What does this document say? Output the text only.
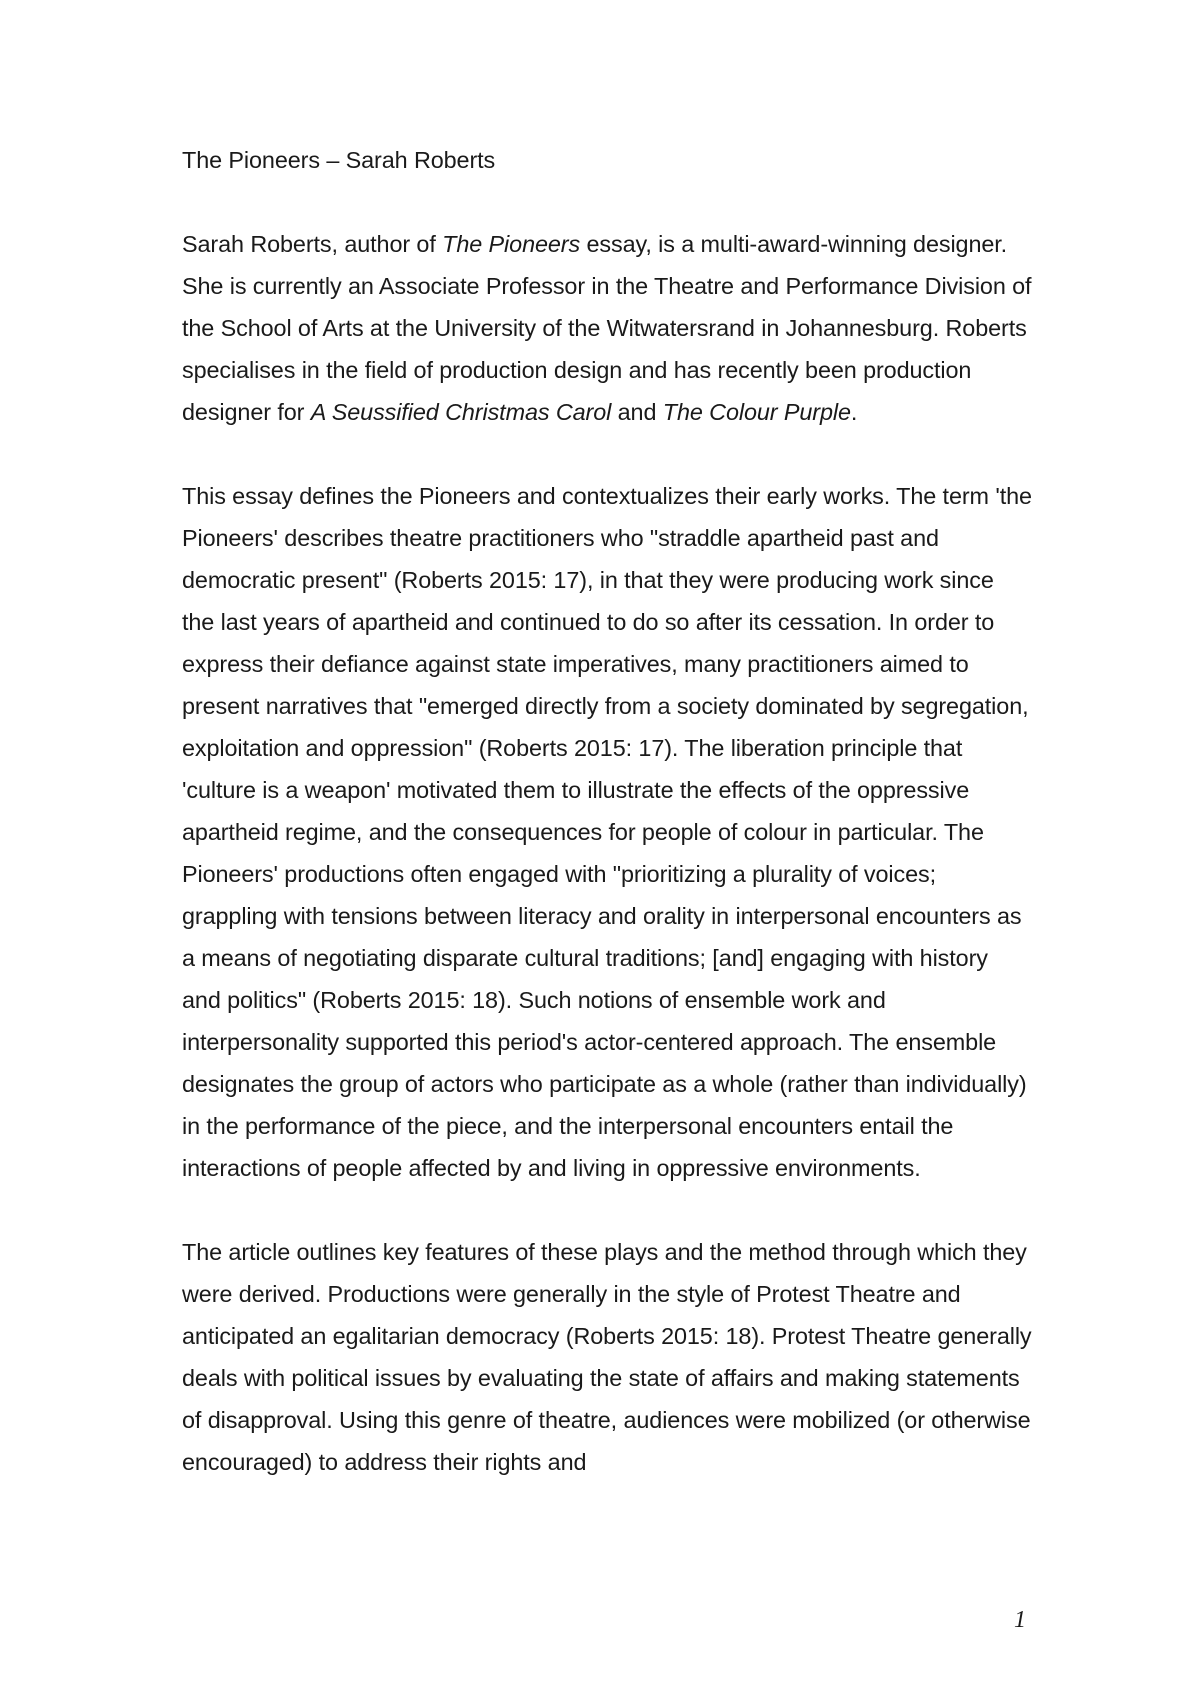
The Pioneers – Sarah Roberts

Sarah Roberts, author of The Pioneers essay, is a multi-award-winning designer. She is currently an Associate Professor in the Theatre and Performance Division of the School of Arts at the University of the Witwatersrand in Johannesburg. Roberts specialises in the field of production design and has recently been production designer for A Seussified Christmas Carol and The Colour Purple.

This essay defines the Pioneers and contextualizes their early works. The term 'the Pioneers' describes theatre practitioners who "straddle apartheid past and democratic present" (Roberts 2015: 17), in that they were producing work since the last years of apartheid and continued to do so after its cessation. In order to express their defiance against state imperatives, many practitioners aimed to present narratives that "emerged directly from a society dominated by segregation, exploitation and oppression" (Roberts 2015: 17). The liberation principle that 'culture is a weapon' motivated them to illustrate the effects of the oppressive apartheid regime, and the consequences for people of colour in particular. The Pioneers' productions often engaged with "prioritizing a plurality of voices; grappling with tensions between literacy and orality in interpersonal encounters as a means of negotiating disparate cultural traditions; [and] engaging with history and politics" (Roberts 2015: 18). Such notions of ensemble work and interpersonality supported this period's actor-centered approach. The ensemble designates the group of actors who participate as a whole (rather than individually) in the performance of the piece, and the interpersonal encounters entail the interactions of people affected by and living in oppressive environments.

The article outlines key features of these plays and the method through which they were derived. Productions were generally in the style of Protest Theatre and anticipated an egalitarian democracy (Roberts 2015: 18). Protest Theatre generally deals with political issues by evaluating the state of affairs and making statements of disapproval. Using this genre of theatre, audiences were mobilized (or otherwise encouraged) to address their rights and

1
